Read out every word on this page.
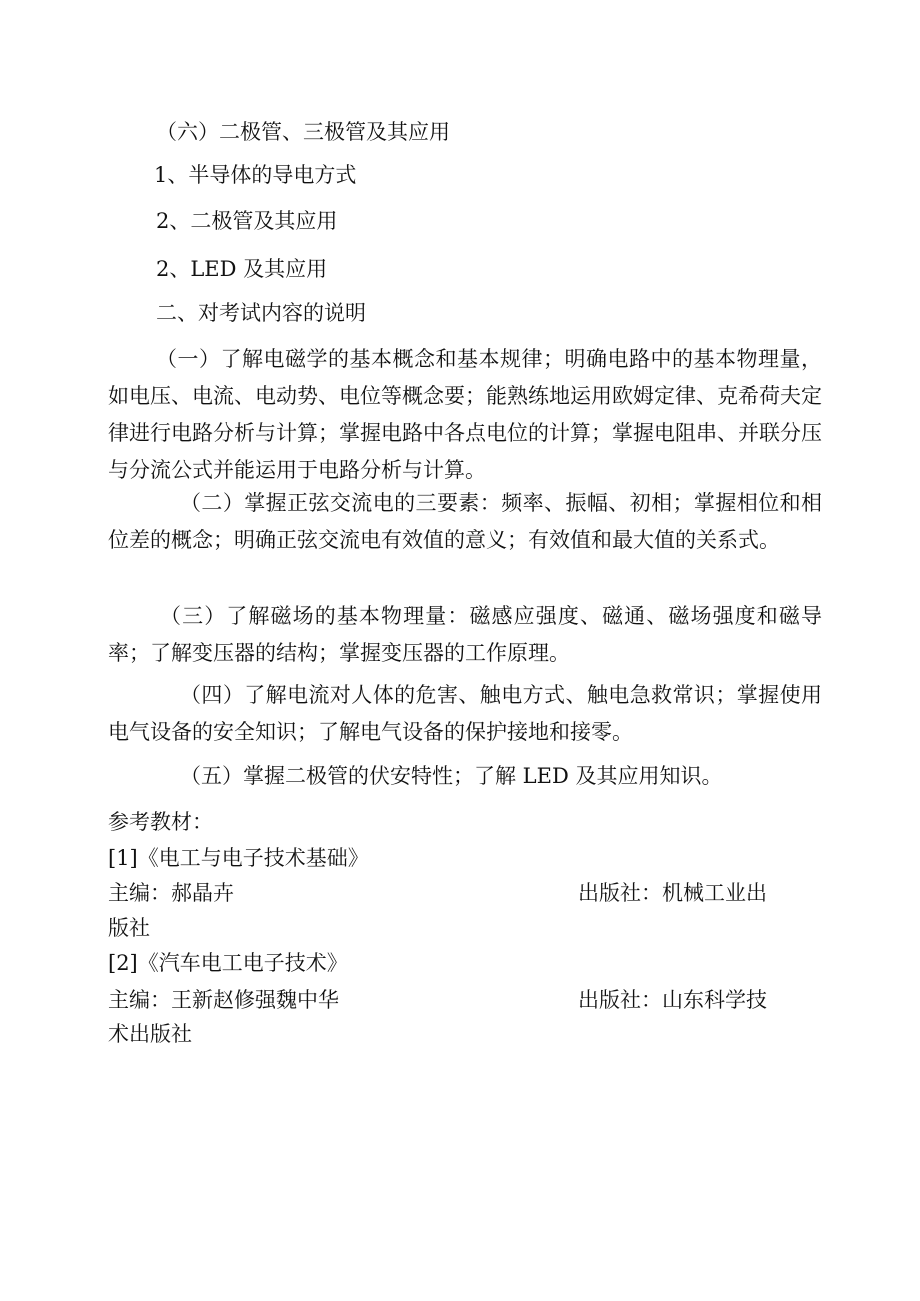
（六）二极管、三极管及其应用
1、半导体的导电方式
2、二极管及其应用
2、LED 及其应用
二、对考试内容的说明
（一）了解电磁学的基本概念和基本规律；明确电路中的基本物理量，如电压、电流、电动势、电位等概念要；能熟练地运用欧姆定律、克希荷夫定律进行电路分析与计算；掌握电路中各点电位的计算；掌握电阻串、并联分压与分流公式并能运用于电路分析与计算。
（二）掌握正弦交流电的三要素：频率、振幅、初相；掌握相位和相位差的概念；明确正弦交流电有效值的意义；有效值和最大值的关系式。
（三）了解磁场的基本物理量：磁感应强度、磁通、磁场强度和磁导率；了解变压器的结构；掌握变压器的工作原理。
（四）了解电流对人体的危害、触电方式、触电急救常识；掌握使用电气设备的安全知识；了解电气设备的保护接地和接零。
（五）掌握二极管的伏安特性；了解 LED 及其应用知识。
参考教材：
[1]《电工与电子技术基础》
主编：郝晶卉	出版社：机械工业出
版社
[2]《汽车电工电子技术》
主编：王新赵修强魏中华	出版社：山东科学技
术出版社
